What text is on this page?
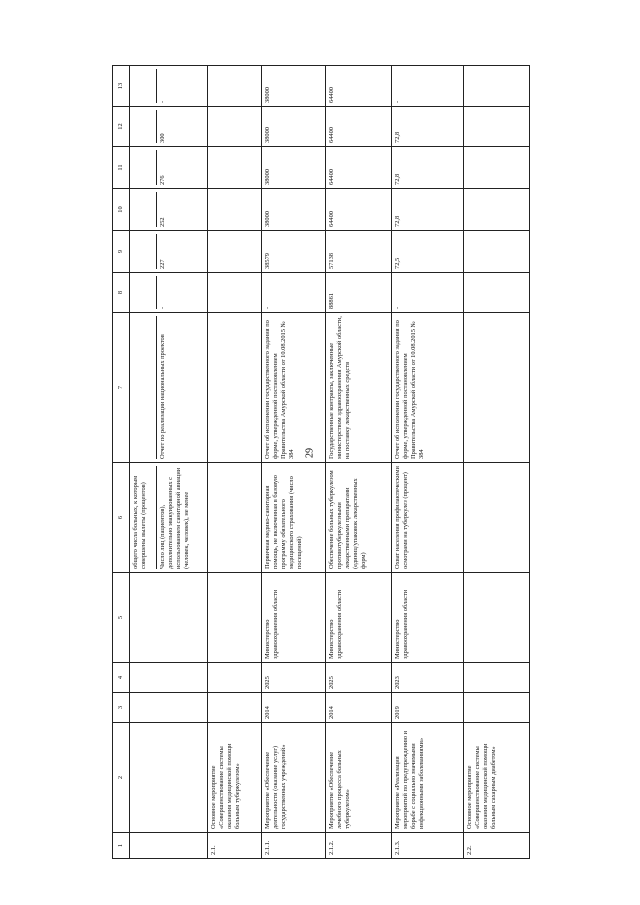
29
1	2	3	4	5	6	7	8	9	10	11	12	13

					общего числа больных, к которым совершены вылеты (процентов) Число лиц (пациентов), дополнительно эвакуированных с использованием санитарной авиации (человек, человек), не менее	Отчет по реализации национальных проектов	-	227	252	276	300	-

2.1.	Основное мероприятие «Совершенствование системы оказания медицинской помощи больным туберкулезом»											
2.1.1.	Мероприятие «Обеспечение деятельности (оказание услуг) государственных учреждений»	2014	2025	Министерство здравоохранения области	Первичная медико-санитарная помощь, не включенная в базовую программу обязательного медицинского страхования (число посещений)	Отчет об исполнении государственного задания по форме, утвержденной постановлением Правительства Амурской области от 10.08.2015 № 384	-	38579	38000	38000	38000	38000
2.1.2.	Мероприятие «Обеспечение лечебного процесса больных туберкулезом»	2014	2025	Министерство здравоохранения области	Обеспечение больных туберкулезом противотуберкулезными лекарственными препаратами (единиц/упаковок лекарственных форм)	Государственные контракты, заключенные министерством здравоохранения Амурской области, на поставку лекарственных средств	88861	57138	64400	64400	64400	64400
2.1.3.	Мероприятие «Реализация мероприятий по предупреждению и борьбе с социально значимыми инфекционными заболеваниями»	2019	2023	Министерство здравоохранения области	Охват населения профилактическими осмотрами на туберкулез (процент)	Отчет об исполнении государственного задания по форме, утвержденной постановлением Правительства Амурской области от 10.08.2015 № 384	-	72,5	72,8	72,8	72,8	-
2.2.	Основное мероприятие «Совершенствование системы оказания медицинской помощи больным сахарным диабетом»											
